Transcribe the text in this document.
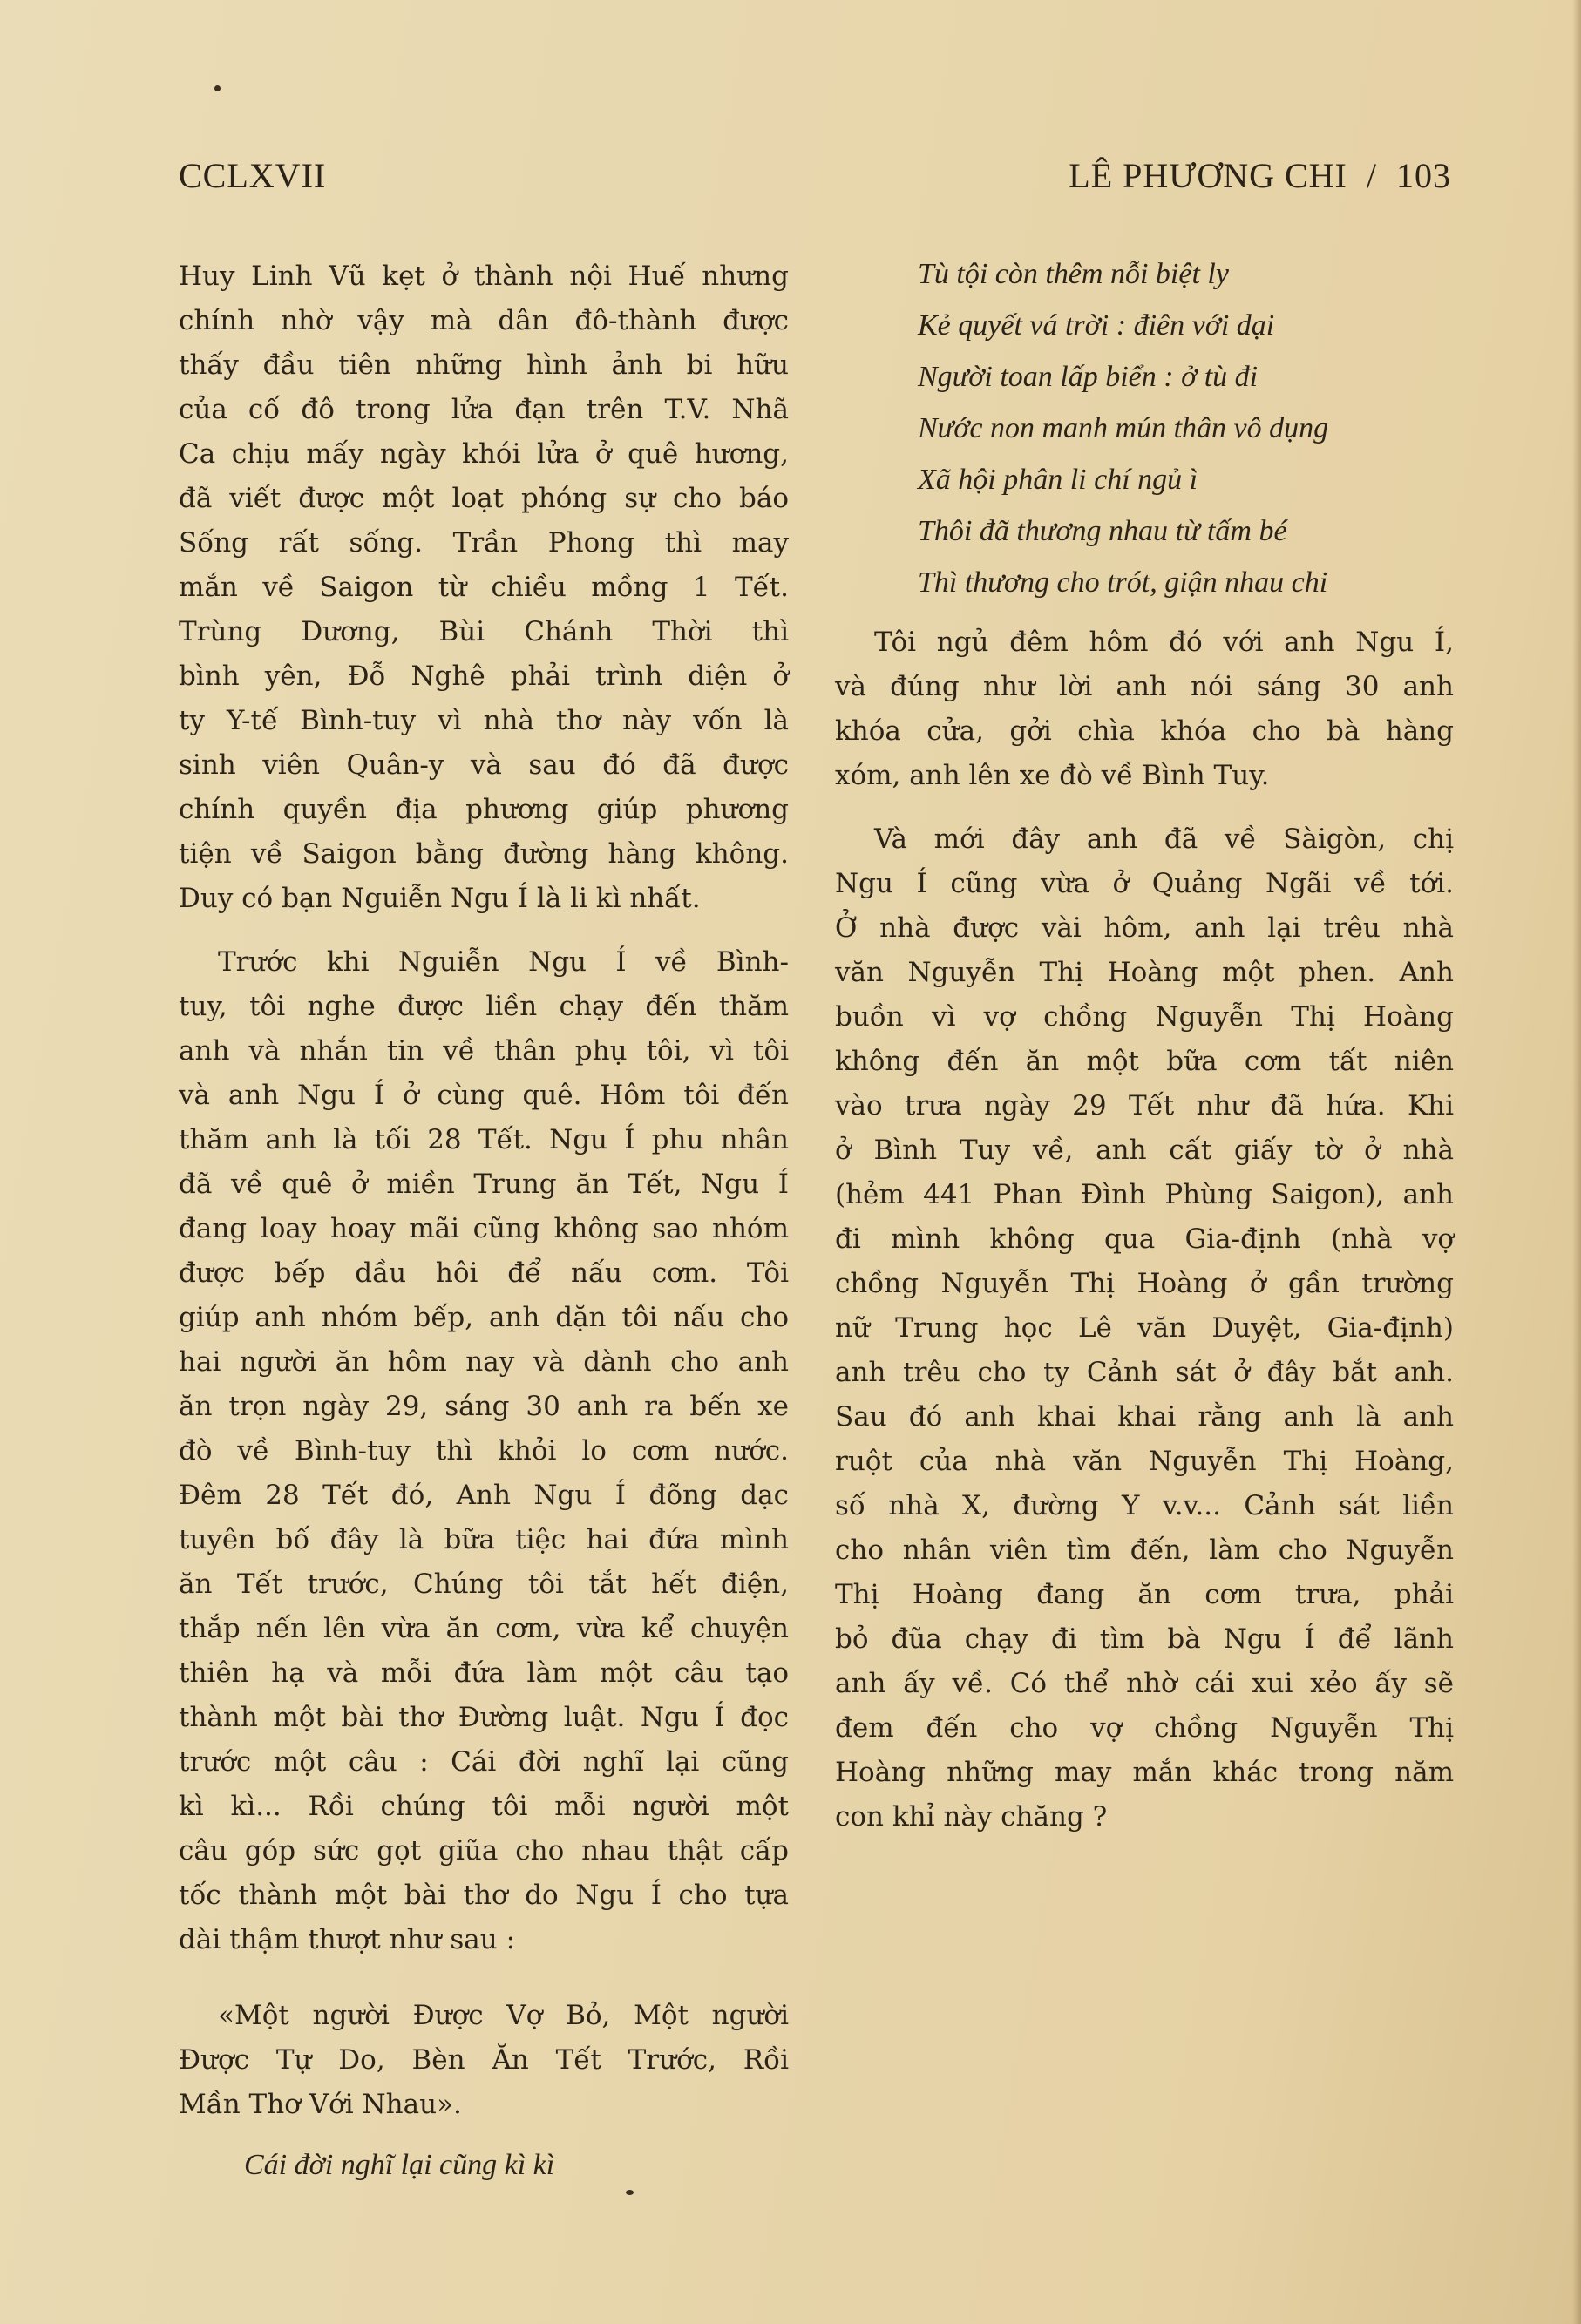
CCLXVII	LÊ PHƯƠNG CHI / 103
Huy Linh Vũ kẹt ở thành nội Huế nhưng
chính nhờ vậy mà dân đô-thành được
thấy đầu tiên những hình ảnh bi hữu
của cố đô trong lửa đạn trên T.V. Nhã
Ca chịu mấy ngày khói lửa ở quê hương,
đã viết được một loạt phóng sự cho báo
Sống rất sống. Trần Phong thì may
mắn về Saigon từ chiều mồng 1 Tết.
Trùng Dương, Bùi Chánh Thời thì
bình yên, Đỗ Nghê phải trình diện ở
ty Y-tế Bình-tuy vì nhà thơ này vốn là
sinh viên Quân-y và sau đó đã được
chính quyền địa phương giúp phương
tiện về Saigon bằng đường hàng không.
Duy có bạn Nguiễn Ngu Í là li kì nhất.
Trước khi Nguiễn Ngu Í về Bình-
tuy, tôi nghe được liền chạy đến thăm
anh và nhắn tin về thân phụ tôi, vì tôi
và anh Ngu Í ở cùng quê. Hôm tôi đến
thăm anh là tối 28 Tết. Ngu Í phu nhân
đã về quê ở miền Trung ăn Tết, Ngu Í
đang loay hoay mãi cũng không sao nhóm
được bếp dầu hôi để nấu cơm. Tôi
giúp anh nhóm bếp, anh dặn tôi nấu cho
hai người ăn hôm nay và dành cho anh
ăn trọn ngày 29, sáng 30 anh ra bến xe
đò về Bình-tuy thì khỏi lo cơm nước.
Đêm 28 Tết đó, Anh Ngu Í đõng dạc
tuyên bố đây là bữa tiệc hai đứa mình
ăn Tết trước, Chúng tôi tắt hết điện,
thắp nến lên vừa ăn cơm, vừa kể chuyện
thiên hạ và mỗi đứa làm một câu tạo
thành một bài thơ Đường luật. Ngu Í đọc
trước một câu : Cái đời nghĩ lại cũng
kì kì... Rồi chúng tôi mỗi người một
câu góp sức gọt giũa cho nhau thật cấp
tốc thành một bài thơ do Ngu Í cho tựa
dài thậm thượt như sau :
«Một người Được Vợ Bỏ, Một người
Được Tự Do, Bèn Ăn Tết Trước, Rồi
Mần Thơ Với Nhau».
Cái đời nghĩ lại cũng kì kì
Tù tội còn thêm nỗi biệt ly
Kẻ quyết vá trời : điên với dại
Người toan lấp biển : ở tù đi
Nước non manh mún thân vô dụng
Xã hội phân li chí ngủ ì
Thôi đã thương nhau từ tấm bé
Thì thương cho trót, giận nhau chi
Tôi ngủ đêm hôm đó với anh Ngu Í,
và đúng như lời anh nói sáng 30 anh
khóa cửa, gởi chìa khóa cho bà hàng
xóm, anh lên xe đò về Bình Tuy.
Và mới đây anh đã về Sàigòn, chị
Ngu Í cũng vừa ở Quảng Ngãi về tới.
Ở nhà được vài hôm, anh lại trêu nhà
văn Nguyễn Thị Hoàng một phen. Anh
buồn vì vợ chồng Nguyễn Thị Hoàng
không đến ăn một bữa cơm tất niên
vào trưa ngày 29 Tết như đã hứa. Khi
ở Bình Tuy về, anh cất giấy tờ ở nhà
(hẻm 441 Phan Đình Phùng Saigon), anh
đi mình không qua Gia-định (nhà vợ
chồng Nguyễn Thị Hoàng ở gần trường
nữ Trung học Lê văn Duyệt, Gia-định)
anh trêu cho ty Cảnh sát ở đây bắt anh.
Sau đó anh khai khai rằng anh là anh
ruột của nhà văn Nguyễn Thị Hoàng,
số nhà X, đường Y v.v... Cảnh sát liền
cho nhân viên tìm đến, làm cho Nguyễn
Thị Hoàng đang ăn cơm trưa, phải
bỏ đũa chạy đi tìm bà Ngu Í để lãnh
anh ấy về. Có thể nhờ cái xui xẻo ấy sẽ
đem đến cho vợ chồng Nguyễn Thị
Hoàng những may mắn khác trong năm
con khỉ này chăng ?
